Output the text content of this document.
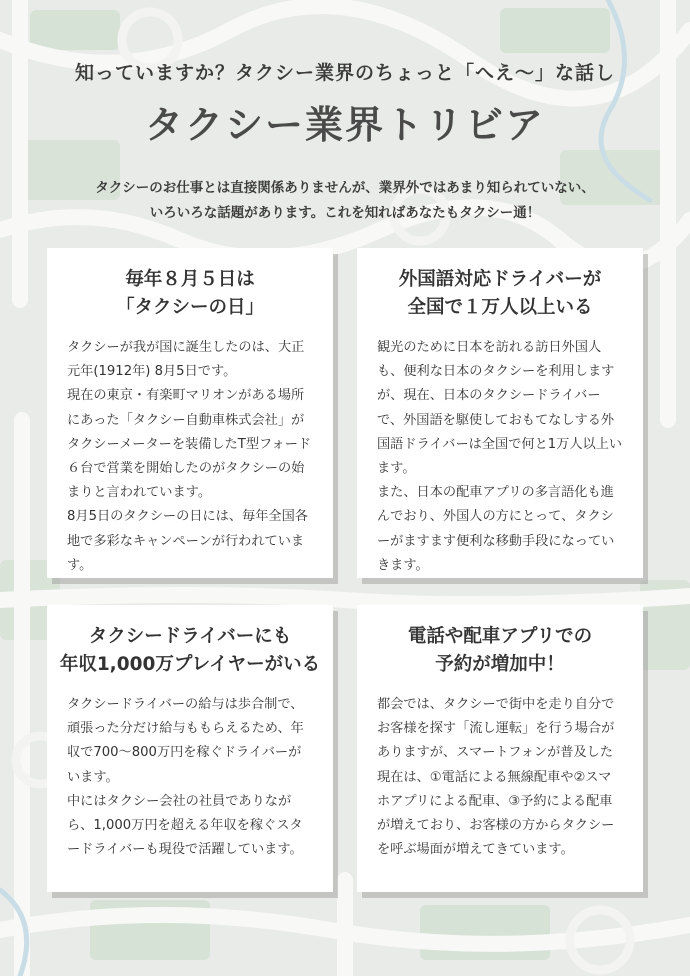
知っていますか？タクシー業界のちょっと「へえ〜」な話し
タクシー業界トリビア
タクシーのお仕事とは直接関係ありませんが、業界外ではあまり知られていない、
いろいろな話題があります。これを知ればあなたもタクシー通！
毎年８月５日は
「タクシーの日」

タクシーが我が国に誕生したのは、大正元年(1912年) 8月5日です。

現在の東京・有楽町マリオンがある場所にあった「タクシー自動車株式会社」がタクシーメーターを装備したT型フォード６台で営業を開始したのがタクシーの始まりと言われています。

8月5日のタクシーの日には、毎年全国各地で多彩なキャンペーンが行われています。

外国語対応ドライバーが
全国で１万人以上いる

観光のために日本を訪れる訪日外国人も、便利な日本のタクシーを利用しますが、現在、日本のタクシードライバーで、外国語を駆使しておもてなしする外国語ドライバーは全国で何と1万人以上います。

また、日本の配車アプリの多言語化も進んでおり、外国人の方にとって、タクシーがますます便利な移動手段になっていきます。

タクシードライバーにも
年収1,000万プレイヤーがいる

タクシードライバーの給与は歩合制で、頑張った分だけ給与ももらえるため、年収で700〜800万円を稼ぐドライバーがいます。

中にはタクシー会社の社員でありながら、1,000万円を超える年収を稼ぐスタードライバーも現役で活躍しています。

電話や配車アプリでの
予約が増加中！

都会では、タクシーで街中を走り自分でお客様を探す「流し運転」を行う場合がありますが、スマートフォンが普及した現在は、①電話による無線配車や②スマホアプリによる配車、③予約による配車が増えており、お客様の方からタクシーを呼ぶ場面が増えてきています。
